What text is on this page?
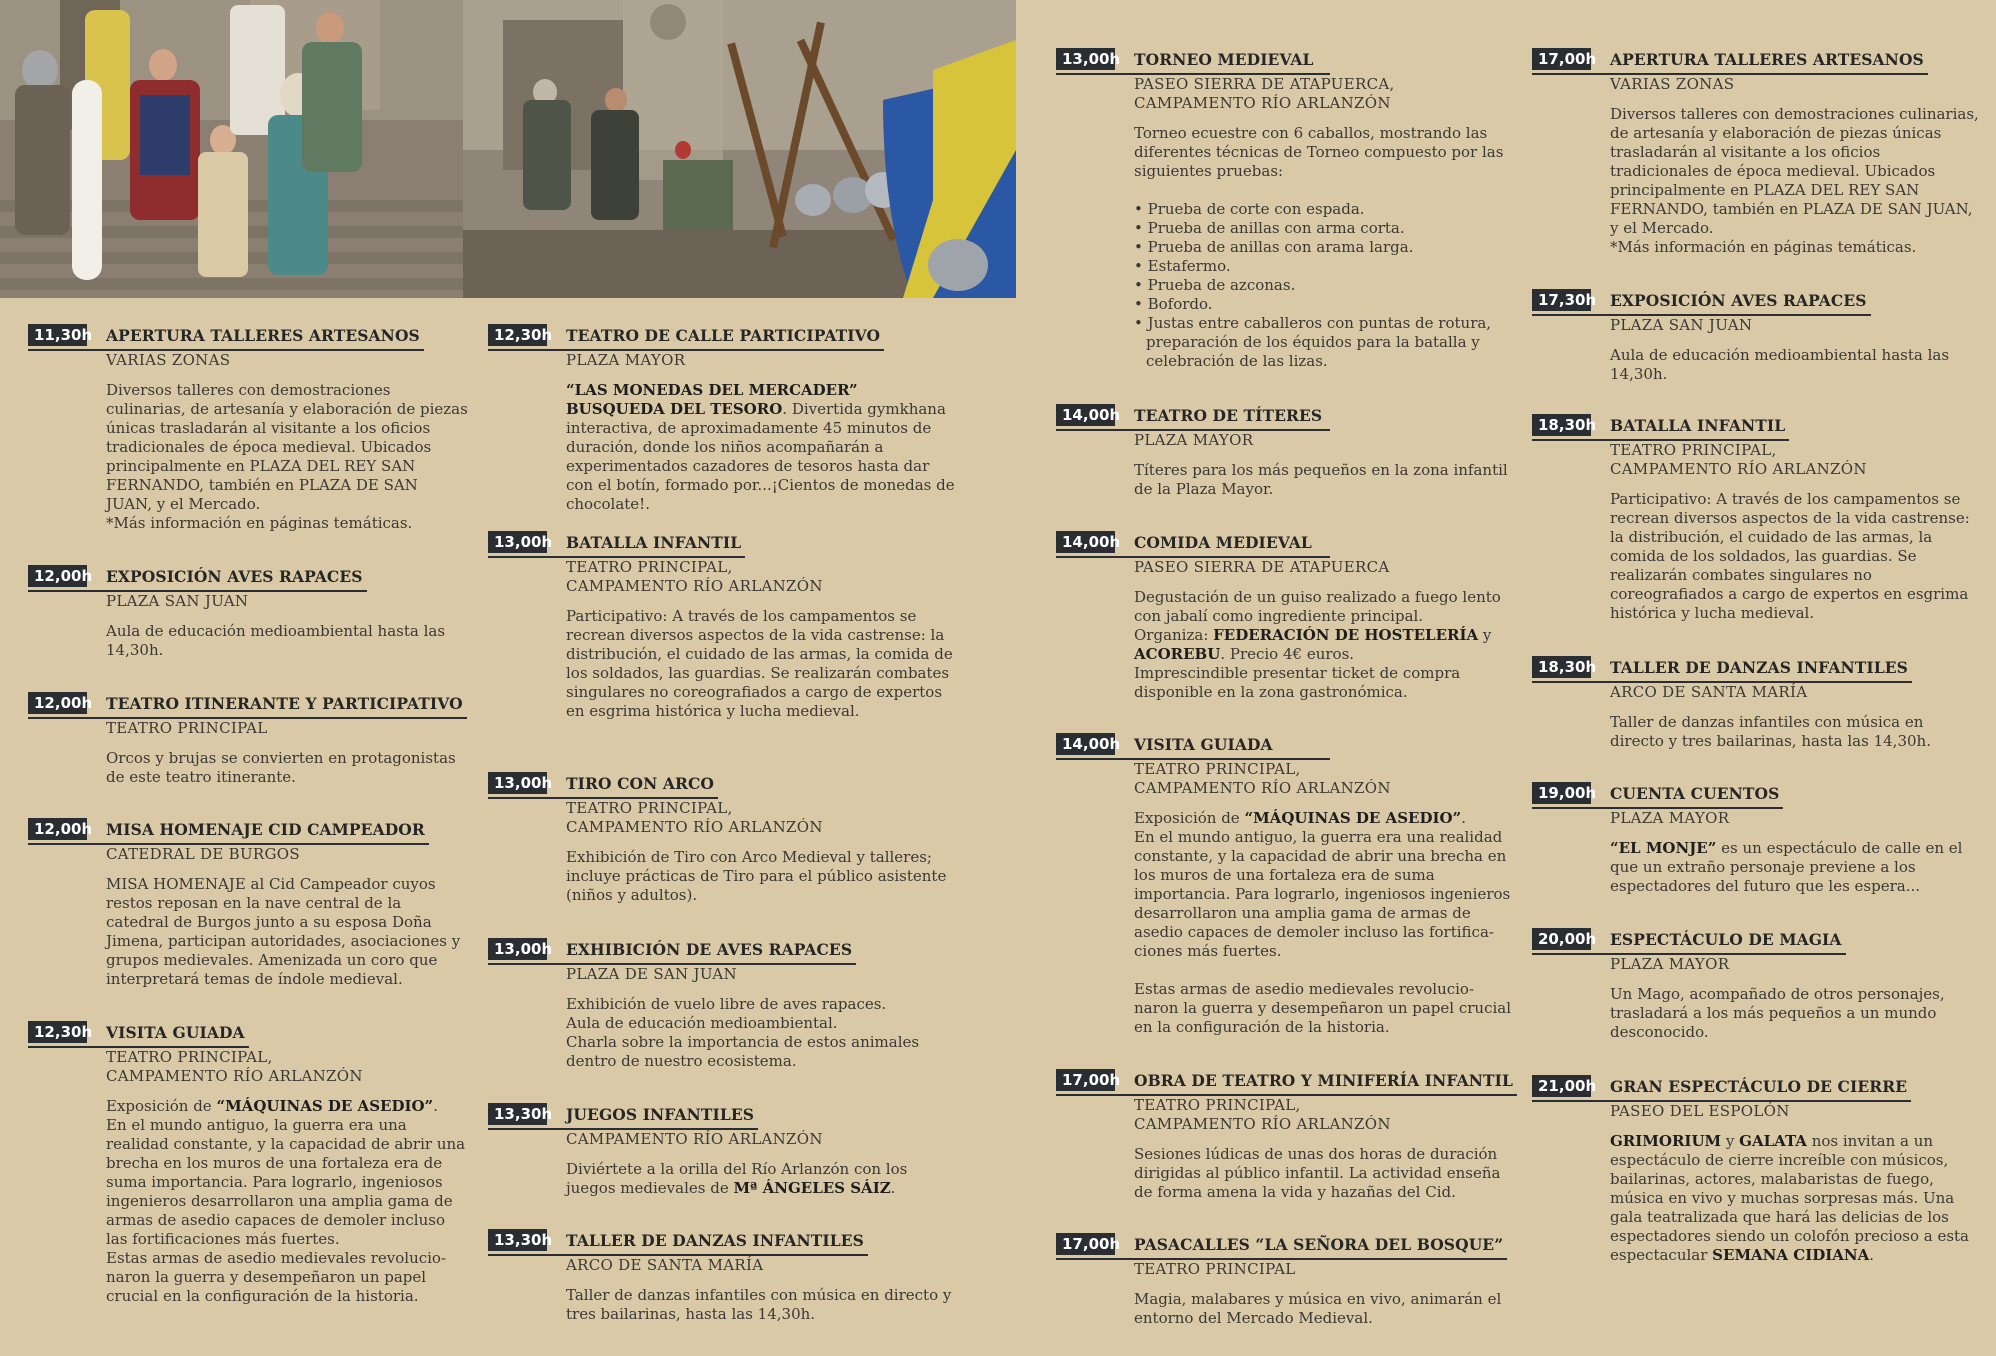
11,30h APERTURA TALLERES ARTESANOS
VARIAS ZONAS

Diversos talleres con demostraciones culinarias, de artesanía y elaboración de piezas únicas trasladarán al visitante a los oficios tradicionales de época medieval. Ubicados principalmente en PLAZA DEL REY SAN FERNANDO, también en PLAZA DE SAN JUAN, y el Mercado.

*Más información en páginas temáticas.

12,00h EXPOSICIÓN AVES RAPACES
PLAZA SAN JUAN

Aula de educación medioambiental hasta las 14,30h.

12,00h TEATRO ITINERANTE Y PARTICIPATIVO
TEATRO PRINCIPAL

Orcos y brujas se convierten en protagonistas de este teatro itinerante.

12,00h MISA HOMENAJE CID CAMPEADOR
CATEDRAL DE BURGOS

MISA HOMENAJE al Cid Campeador cuyos restos reposan en la nave central de la catedral de Burgos junto a su esposa Doña Jimena, participan autoridades, asociaciones y grupos medievales. Amenizada un coro que interpretará temas de índole medieval.

12,30h VISITA GUIADA
TEATRO PRINCIPAL,
CAMPAMENTO RÍO ARLANZÓN

Exposición de “MÁQUINAS DE ASEDIO”.

En el mundo antiguo, la guerra era una realidad constante, y la capacidad de abrir una brecha en los muros de una fortaleza era de suma importancia. Para lograrlo, ingeniosos ingenieros desarrollaron una amplia gama de armas de asedio capaces de demoler incluso las fortificaciones más fuertes.

Estas armas de asedio medievales revolucio-naron la guerra y desempeñaron un papel crucial en la configuración de la historia.

12,30h TEATRO DE CALLE PARTICIPATIVO
PLAZA MAYOR

“LAS MONEDAS DEL MERCADER” BUSQUEDA DEL TESORO. Divertida gymkhana interactiva, de aproximadamente 45 minutos de duración, donde los niños acompañarán a experimentados cazadores de tesoros hasta dar con el botín, formado por...¡Cientos de monedas de chocolate!.

13,00h BATALLA INFANTIL
TEATRO PRINCIPAL,
CAMPAMENTO RÍO ARLANZÓN

Participativo: A través de los campamentos se recrean diversos aspectos de la vida castrense: la distribución, el cuidado de las armas, la comida de los soldados, las guardias. Se realizarán combates singulares no coreografiados a cargo de expertos en esgrima histórica y lucha medieval.

13,00h TIRO CON ARCO
TEATRO PRINCIPAL,
CAMPAMENTO RÍO ARLANZÓN

Exhibición de Tiro con Arco Medieval y talleres; incluye prácticas de Tiro para el público asistente (niños y adultos).

13,00h EXHIBICIÓN DE AVES RAPACES
PLAZA DE SAN JUAN

Exhibición de vuelo libre de aves rapaces.

Aula de educación medioambiental.

Charla sobre la importancia de estos animales dentro de nuestro ecosistema.

13,30h JUEGOS INFANTILES
CAMPAMENTO RÍO ARLANZÓN

Diviértete a la orilla del Río Arlanzón con los juegos medievales de Mª ÁNGELES SÁIZ.

13,30h TALLER DE DANZAS INFANTILES
ARCO DE SANTA MARÍA

Taller de danzas infantiles con música en directo y tres bailarinas, hasta las 14,30h.

13,00h TORNEO MEDIEVAL
PASEO SIERRA DE ATAPUERCA,
CAMPAMENTO RÍO ARLANZÓN

Torneo ecuestre con 6 caballos, mostrando las diferentes técnicas de Torneo compuesto por las siguientes pruebas:

• Prueba de corte con espada.
• Prueba de anillas con arma corta.
• Prueba de anillas con arama larga.
• Estafermo.
• Prueba de azconas.
• Bofordo.
• Justas entre caballeros con puntas de rotura, preparación de los équidos para la batalla y celebración de las lizas.
14,00h TEATRO DE TÍTERES
PLAZA MAYOR

Títeres para los más pequeños en la zona infantil de la Plaza Mayor.

14,00h COMIDA MEDIEVAL
PASEO SIERRA DE ATAPUERCA

Degustación de un guiso realizado a fuego lento con jabalí como ingrediente principal.

Organiza: FEDERACIÓN DE HOSTELERÍA y ACOREBU. Precio 4€ euros.

Imprescindible presentar ticket de compra disponible en la zona gastronómica.

14,00h VISITA GUIADA
TEATRO PRINCIPAL,
CAMPAMENTO RÍO ARLANZÓN

Exposición de “MÁQUINAS DE ASEDIO”.

En el mundo antiguo, la guerra era una realidad constante, y la capacidad de abrir una brecha en los muros de una fortaleza era de suma importancia. Para lograrlo, ingeniosos ingenieros desarrollaron una amplia gama de armas de asedio capaces de demoler incluso las fortifica-ciones más fuertes.

Estas armas de asedio medievales revolucio-naron la guerra y desempeñaron un papel crucial en la configuración de la historia.

17,00h OBRA DE TEATRO Y MINIFERÍA INFANTIL
TEATRO PRINCIPAL,
CAMPAMENTO RÍO ARLANZÓN

Sesiones lúdicas de unas dos horas de duración dirigidas al público infantil. La actividad enseña de forma amena la vida y hazañas del Cid.

17,00h PASACALLES “LA SEÑORA DEL BOSQUE”
TEATRO PRINCIPAL

Magia, malabares y música en vivo, animarán el entorno del Mercado Medieval.

17,00h APERTURA TALLERES ARTESANOS
VARIAS ZONAS

Diversos talleres con demostraciones culinarias, de artesanía y elaboración de piezas únicas trasladarán al visitante a los oficios tradicionales de época medieval. Ubicados principalmente en PLAZA DEL REY SAN FERNANDO, también en PLAZA DE SAN JUAN, y el Mercado.

*Más información en páginas temáticas.

17,30h EXPOSICIÓN AVES RAPACES
PLAZA SAN JUAN

Aula de educación medioambiental hasta las 14,30h.

18,30h BATALLA INFANTIL
TEATRO PRINCIPAL,
CAMPAMENTO RÍO ARLANZÓN

Participativo: A través de los campamentos se recrean diversos aspectos de la vida castrense: la distribución, el cuidado de las armas, la comida de los soldados, las guardias. Se realizarán combates singulares no coreografiados a cargo de expertos en esgrima histórica y lucha medieval.

18,30h TALLER DE DANZAS INFANTILES
ARCO DE SANTA MARÍA

Taller de danzas infantiles con música en directo y tres bailarinas, hasta las 14,30h.

19,00h CUENTA CUENTOS
PLAZA MAYOR

“EL MONJE” es un espectáculo de calle en el que un extraño personaje previene a los espectadores del futuro que les espera...

20,00h ESPECTÁCULO DE MAGIA
PLAZA MAYOR

Un Mago, acompañado de otros personajes, trasladará a los más pequeños a un mundo desconocido.

21,00h GRAN ESPECTÁCULO DE CIERRE
PASEO DEL ESPOLÓN

GRIMORIUM y GALATA nos invitan a un espectáculo de cierre increíble con músicos, bailarinas, actores, malabaristas de fuego, música en vivo y muchas sorpresas más. Una gala teatralizada que hará las delicias de los espectadores siendo un colofón precioso a esta espectacular SEMANA CIDIANA.
